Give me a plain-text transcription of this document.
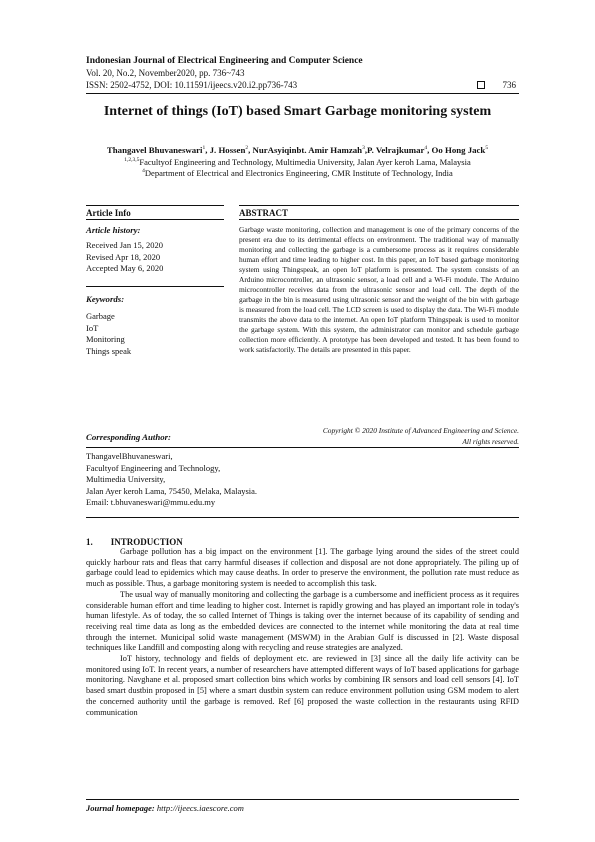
Indonesian Journal of Electrical Engineering and Computer Science
Vol. 20, No.2, November2020, pp. 736~743
ISSN: 2502-4752, DOI: 10.11591/ijeecs.v20.i2.pp736-743	736
Internet of things (IoT) based Smart Garbage monitoring system
Thangavel Bhuvaneswari$^1$, J. Hossen$^2$, NurAsyiqinbt. Amir Hamzah$^3$,P. Velrajkumar$^4$, Oo Hong Jack$^5$
$^{1,2,3,5}$Facultyof Engineering and Technology, Multimedia University, Jalan Ayer keroh Lama, Malaysia
$^4$Department of Electrical and Electronics Engineering, CMR Institute of Technology, India
Article Info	ABSTRACT
Article history:
Received Jan 15, 2020
Revised Apr 18, 2020
Accepted May 6, 2020
Keywords:
Garbage
IoT
Monitoring
Things speak
Garbage waste monitoring, collection and management is one of the primary concerns of the present era due to its detrimental effects on environment. The traditional way of manually monitoring and collecting the garbage is a cumbersome process as it requires considerable human effort and time leading to higher cost. In this paper, an IoT based garbage monitoring system using Thingspeak, an open IoT platform is presented. The system consists of an Arduino microcontroller, an ultrasonic sensor, a load cell and a Wi-Fi module. The Arduino microcontroller receives data from the ultrasonic sensor and load cell. The depth of the garbage in the bin is measured using ultrasonic sensor and the weight of the bin with garbage is measured from the load cell. The LCD screen is used to display the data. The Wi-Fi module transmits the above data to the internet. An open IoT platform Thingspeak is used to monitor the garbage system. With this system, the administrator can monitor and schedule garbage collection more efficiently. A prototype has been developed and tested. It has been found to work satisfactorily. The details are presented in this paper.
Copyright © 2020 Institute of Advanced Engineering and Science.
All rights reserved.
Corresponding Author:
ThangavelBhuvaneswari,
Facultyof Engineering and Technology,
Multimedia University,
Jalan Ayer keroh Lama, 75450, Melaka, Malaysia.
Email: t.bhuvaneswari@mmu.edu.my
1. INTRODUCTION

Garbage pollution has a big impact on the environment [1]. The garbage lying around the sides of the street could quickly harbour rats and fleas that carry harmful diseases if collection and disposal are not done appropriately. The piling up of garbage could lead to epidemics which may cause deaths. In order to preserve the environment, the pollution rate must reduce as much as possible. Thus, a garbage monitoring system is needed to accomplish this task.

The usual way of manually monitoring and collecting the garbage is a cumbersome and inefficient process as it requires considerable human effort and time leading to higher cost. Internet is rapidly growing and has played an important role in today's human lifestyle. As of today, the so called Internet of Things is taking over the internet because of its capability of sending and receiving real time data as long as the embedded devices are connected to the internet while monitoring the data at real time through the internet. Municipal solid waste management (MSWM) in the Arabian Gulf is discussed in [2]. Waste disposal techniques like Landfill and composting along with recycling and reuse strategies are analyzed.

IoT history, technology and fields of deployment etc. are reviewed in [3] since all the daily life activity can be monitored using IoT. In recent years, a number of researchers have attempted different ways of IoT based applications for garbage monitoring. Navghane et al. proposed smart collection bins which works by combining IR sensors and load cell sensors [4]. IoT based smart dustbin proposed in [5] where a smart dustbin system can reduce environment pollution using GSM modem to alert the concerned authority until the garbage is removed. Ref [6] proposed the waste collection in the restaurants using RFID communication

Journal homepage: http://ijeecs.iaescore.com
